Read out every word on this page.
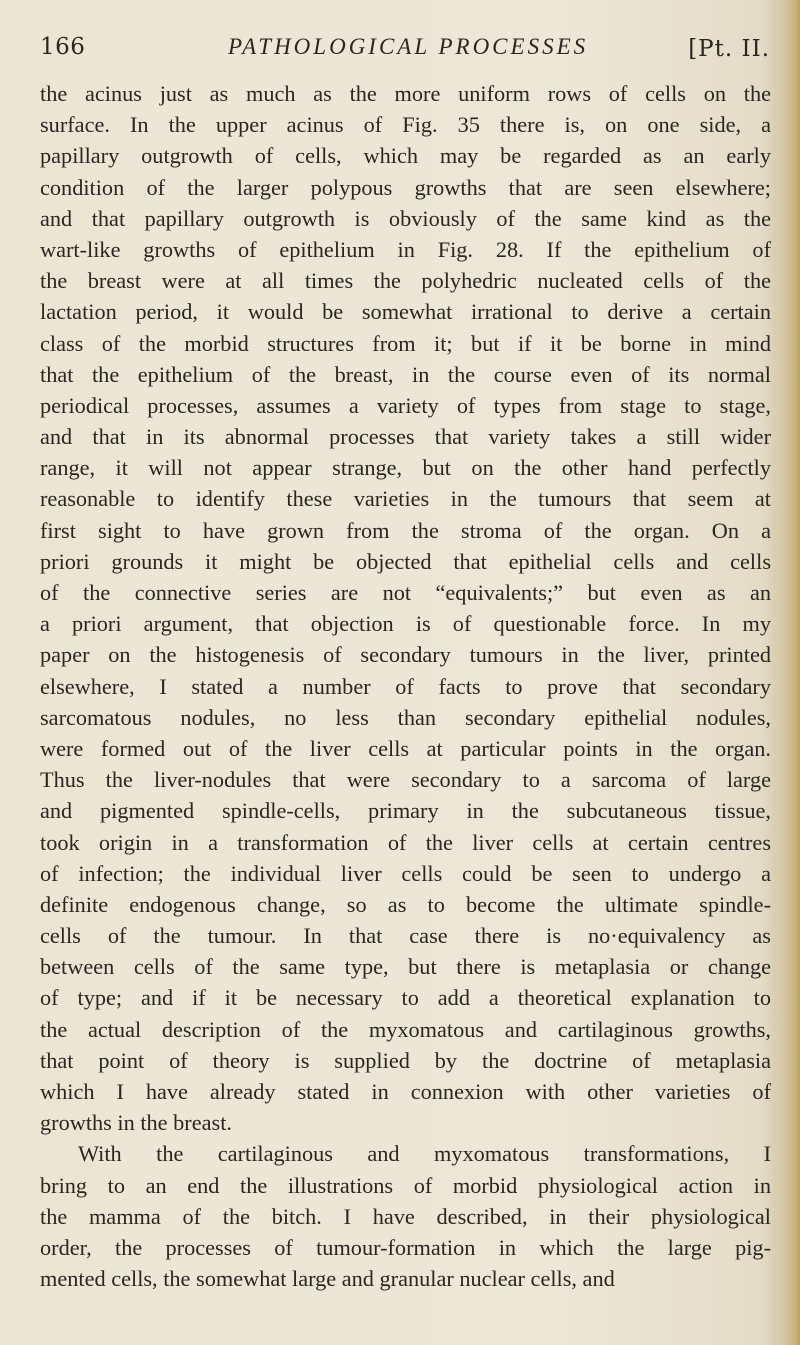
166	PATHOLOGICAL PROCESSES	[Pt. II.
the acinus just as much as the more uniform rows of cells on the
surface. In the upper acinus of Fig. 35 there is, on one side, a
papillary outgrowth of cells, which may be regarded as an early
condition of the larger polypous growths that are seen elsewhere;
and that papillary outgrowth is obviously of the same kind as the
wart-like growths of epithelium in Fig. 28. If the epithelium of
the breast were at all times the polyhedric nucleated cells of the
lactation period, it would be somewhat irrational to derive a certain
class of the morbid structures from it; but if it be borne in mind
that the epithelium of the breast, in the course even of its normal
periodical processes, assumes a variety of types from stage to stage,
and that in its abnormal processes that variety takes a still wider
range, it will not appear strange, but on the other hand perfectly
reasonable to identify these varieties in the tumours that seem at
first sight to have grown from the stroma of the organ. On a
priori grounds it might be objected that epithelial cells and cells
of the connective series are not “equivalents;” but even as an
a priori argument, that objection is of questionable force. In my
paper on the histogenesis of secondary tumours in the liver, printed
elsewhere, I stated a number of facts to prove that secondary
sarcomatous nodules, no less than secondary epithelial nodules,
were formed out of the liver cells at particular points in the organ.
Thus the liver-nodules that were secondary to a sarcoma of large
and pigmented spindle-cells, primary in the subcutaneous tissue,
took origin in a transformation of the liver cells at certain centres
of infection; the individual liver cells could be seen to undergo a
definite endogenous change, so as to become the ultimate spindle-
cells of the tumour. In that case there is no·equivalency as
between cells of the same type, but there is metaplasia or change
of type; and if it be necessary to add a theoretical explanation to
the actual description of the myxomatous and cartilaginous growths,
that point of theory is supplied by the doctrine of metaplasia
which I have already stated in connexion with other varieties of
growths in the breast.
With the cartilaginous and myxomatous transformations, I
bring to an end the illustrations of morbid physiological action in
the mamma of the bitch. I have described, in their physiological
order, the processes of tumour-formation in which the large pig-
mented cells, the somewhat large and granular nuclear cells, and
